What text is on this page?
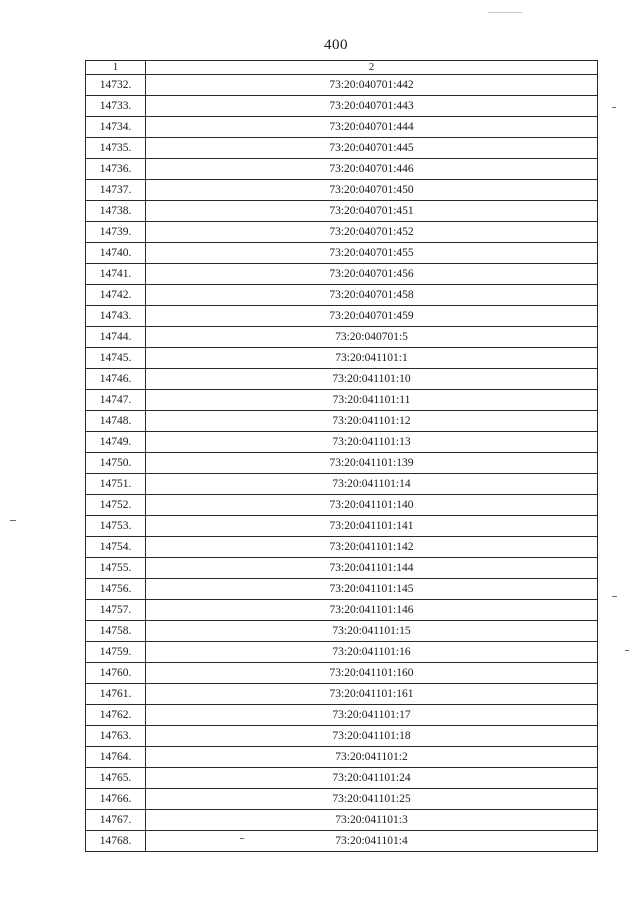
400
1	2
14732.	73:20:040701:442
14733.	73:20:040701:443
14734.	73:20:040701:444
14735.	73:20:040701:445
14736.	73:20:040701:446
14737.	73:20:040701:450
14738.	73:20:040701:451
14739.	73:20:040701:452
14740.	73:20:040701:455
14741.	73:20:040701:456
14742.	73:20:040701:458
14743.	73:20:040701:459
14744.	73:20:040701:5
14745.	73:20:041101:1
14746.	73:20:041101:10
14747.	73:20:041101:11
14748.	73:20:041101:12
14749.	73:20:041101:13
14750.	73:20:041101:139
14751.	73:20:041101:14
14752.	73:20:041101:140
14753.	73:20:041101:141
14754.	73:20:041101:142
14755.	73:20:041101:144
14756.	73:20:041101:145
14757.	73:20:041101:146
14758.	73:20:041101:15
14759.	73:20:041101:16
14760.	73:20:041101:160
14761.	73:20:041101:161
14762.	73:20:041101:17
14763.	73:20:041101:18
14764.	73:20:041101:2
14765.	73:20:041101:24
14766.	73:20:041101:25
14767.	73:20:041101:3
14768.	73:20:041101:4
